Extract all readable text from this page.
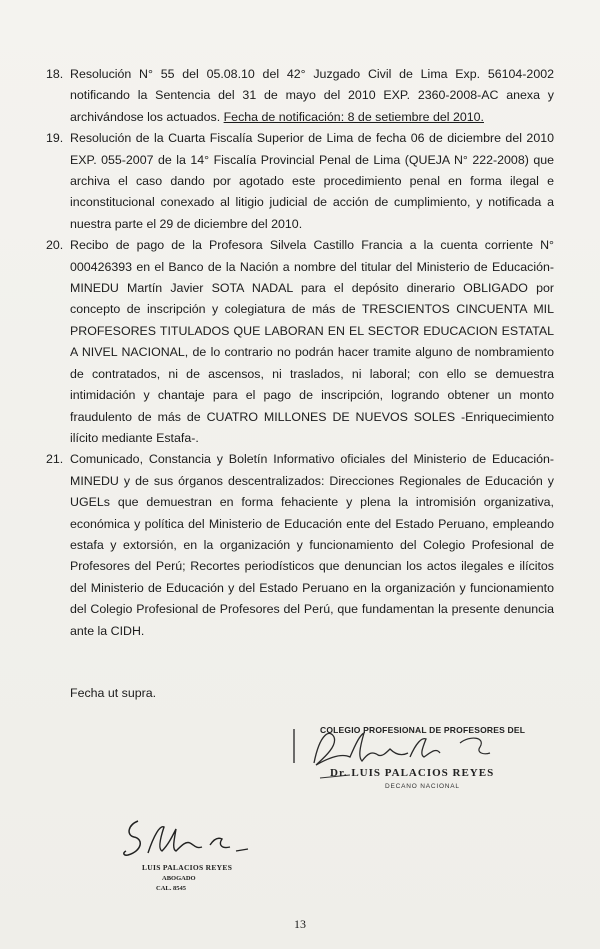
18. Resolución N° 55 del 05.08.10 del 42° Juzgado Civil de Lima Exp. 56104-2002 notificando la Sentencia del 31 de mayo del 2010 EXP. 2360-2008-AC anexa y archivándose los actuados. Fecha de notificación: 8 de setiembre del 2010.

19. Resolución de la Cuarta Fiscalía Superior de Lima de fecha 06 de diciembre del 2010 EXP. 055-2007 de la 14° Fiscalía Provincial Penal de Lima (QUEJA N° 222-2008) que archiva el caso dando por agotado este procedimiento penal en forma ilegal e inconstitucional conexado al litigio judicial de acción de cumplimiento, y notificada a nuestra parte el 29 de diciembre del 2010.

20. Recibo de pago de la Profesora Silvela Castillo Francia a la cuenta corriente N° 000426393 en el Banco de la Nación a nombre del titular del Ministerio de Educación-MINEDU Martín Javier SOTA NADAL para el depósito dinerario OBLIGADO por concepto de inscripción y colegiatura de más de TRESCIENTOS CINCUENTA MIL PROFESORES TITULADOS QUE LABORAN EN EL SECTOR EDUCACION ESTATAL A NIVEL NACIONAL, de lo contrario no podrán hacer tramite alguno de nombramiento de contratados, ni de ascensos, ni traslados, ni laboral; con ello se demuestra intimidación y chantaje para el pago de inscripción, logrando obtener un monto fraudulento de más de CUATRO MILLONES DE NUEVOS SOLES -Enriquecimiento ilícito mediante Estafa-.

21. Comunicado, Constancia y Boletín Informativo oficiales del Ministerio de Educación-MINEDU y de sus órganos descentralizados: Direcciones Regionales de Educación y UGELs que demuestran en forma fehaciente y plena la intromisión organizativa, económica y política del Ministerio de Educación ente del Estado Peruano, empleando estafa y extorsión, en la organización y funcionamiento del Colegio Profesional de Profesores del Perú; Recortes periodísticos que denuncian los actos ilegales e ilícitos del Ministerio de Educación y del Estado Peruano en la organización y funcionamiento del Colegio Profesional de Profesores del Perú, que fundamentan la presente denuncia ante la CIDH.

Fecha ut supra.

COLEGIO PROFESIONAL DE PROFESORES DEL

Dr. LUIS PALACIOS REYES

DECANO NACIONAL

LUIS PALACIOS REYES

ABOGADO

CAL. 8545

13
